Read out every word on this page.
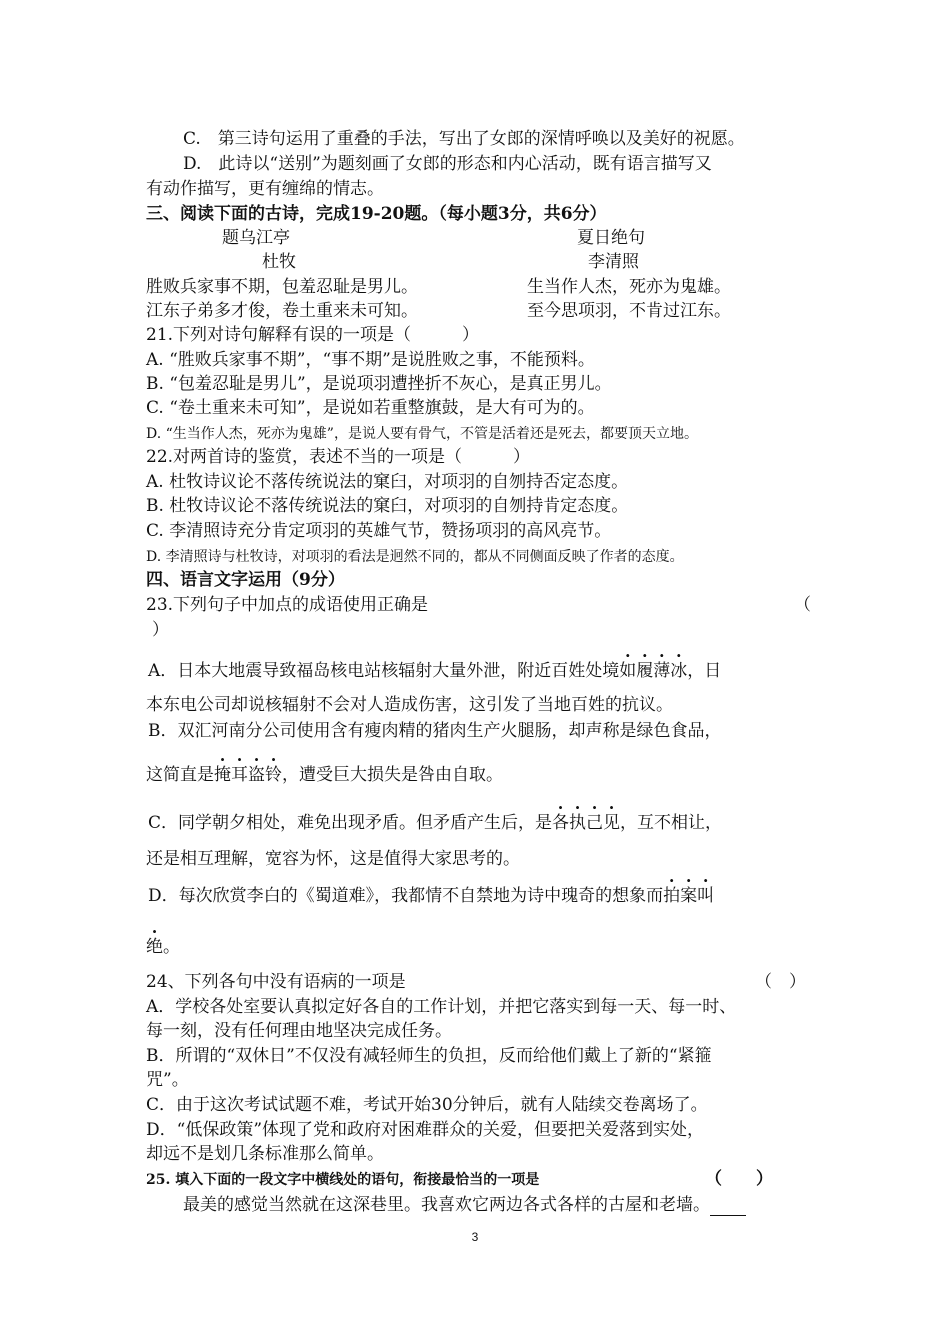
C.　第三诗句运用了重叠的手法，写出了女郎的深情呼唤以及美好的祝愿。
D.　此诗以“送别”为题刻画了女郎的形态和内心活动，既有语言描写又
有动作描写，更有缠绵的情志。
三、阅读下面的古诗，完成19-20题。（每小题3分，共6分）
题乌江亭	夏日绝句
杜牧	李清照
胜败兵家事不期，包羞忍耻是男儿。	生当作人杰，死亦为鬼雄。
江东子弟多才俊，卷土重来未可知。	至今思项羽，不肯过江东。
21.下列对诗句解释有误的一项是（　　　）
A. “胜败兵家事不期”，“事不期”是说胜败之事，不能预料。
B. “包羞忍耻是男儿”，是说项羽遭挫折不灰心，是真正男儿。
C. “卷土重来未可知”，是说如若重整旗鼓，是大有可为的。
D. “生当作人杰，死亦为鬼雄”，是说人要有骨气，不管是活着还是死去，都要顶天立地。
22.对两首诗的鉴赏，表述不当的一项是（　　　）
A. 杜牧诗议论不落传统说法的窠臼，对项羽的自刎持否定态度。
B. 杜牧诗议论不落传统说法的窠臼，对项羽的自刎持肯定态度。
C. 李清照诗充分肯定项羽的英雄气节，赞扬项羽的高风亮节。
D. 李清照诗与杜牧诗，对项羽的看法是迥然不同的，都从不同侧面反映了作者的态度。
四、语言文字运用（9分）
23.下列句子中加点的成语使用正确是	（
）
A．日本大地震导致福岛核电站核辐射大量外泄，附近百姓处境如履薄冰，日
本东电公司却说核辐射不会对人造成伤害，这引发了当地百姓的抗议。
B．双汇河南分公司使用含有瘦肉精的猪肉生产火腿肠，却声称是绿色食品，
这简直是掩耳盗铃，遭受巨大损失是咎由自取。
C．同学朝夕相处，难免出现矛盾。但矛盾产生后，是各执己见，互不相让，
还是相互理解，宽容为怀，这是值得大家思考的。
D．每次欣赏李白的《蜀道难》，我都情不自禁地为诗中瑰奇的想象而拍案叫
绝。
24、下列各句中没有语病的一项是	（　）
A．学校各处室要认真拟定好各自的工作计划，并把它落实到每一天、每一时、
每一刻，没有任何理由地坚决完成任务。
B．所谓的“双休日”不仅没有减轻师生的负担，反而给他们戴上了新的“紧箍
咒”。
C．由于这次考试试题不难，考试开始30分钟后，就有人陆续交卷离场了。
D．“低保政策”体现了党和政府对困难群众的关爱，但要把关爱落到实处，
却远不是划几条标准那么简单。
25. 填入下面的一段文字中横线处的语句，衔接最恰当的一项是	（　　）
最美的感觉当然就在这深巷里。我喜欢它两边各式各样的古屋和老墙。
3
